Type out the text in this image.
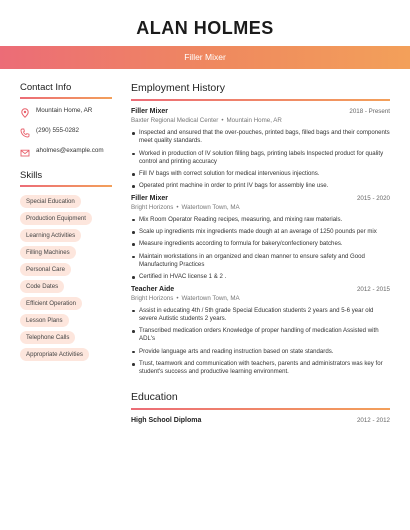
ALAN HOLMES
Filler Mixer
Contact Info
Mountain Home, AR
(290) 555-0282
aholmes@example.com
Skills
Special Education
Production Equipment
Learning Activities
Filling Machines
Personal Care
Code Dates
Efficient Operation
Lesson Plans
Telephone Calls
Appropriate Activities
Employment History
Filler Mixer	2018 - Present
Baxter Regional Medical Center • Mountain Home, AR
Inspected and ensured that the over-pouches, printed bags, filled bags and their components meet quality standards.
Worked in production of IV solution filling bags, printing labels Inspected product for quality control and printing accuracy
Fill IV bags with correct solution for medical intervenious injections.
Operated print machine in order to print IV bags for assembly line use.
Filler Mixer	2015 - 2020
Bright Horizons • Watertown Town, MA
Mix Room Operator Reading recipes, measuring, and mixing raw materials.
Scale up ingredients mix ingredients made dough at an average of 1250 pounds per mix
Measure ingredients according to formula for bakery/confectionery batches.
Maintain workstations in an organized and clean manner to ensure safety and Good Manufacturing Practices
Certified in HVAC license 1 & 2 .
Teacher Aide	2012 - 2015
Bright Horizons • Watertown Town, MA
Assist in educating 4th / 5th grade Special Education students 2 years and 5-6 year old severe Autistic students 2 years.
Transcribed medication orders Knowledge of proper handling of medication Assisted with ADL's
Provide language arts and reading instruction based on state standards.
Trust, teamwork and communication with teachers, parents and administrators was key for student's success and productive learning environment.
Education
High School Diploma	2012 - 2012
